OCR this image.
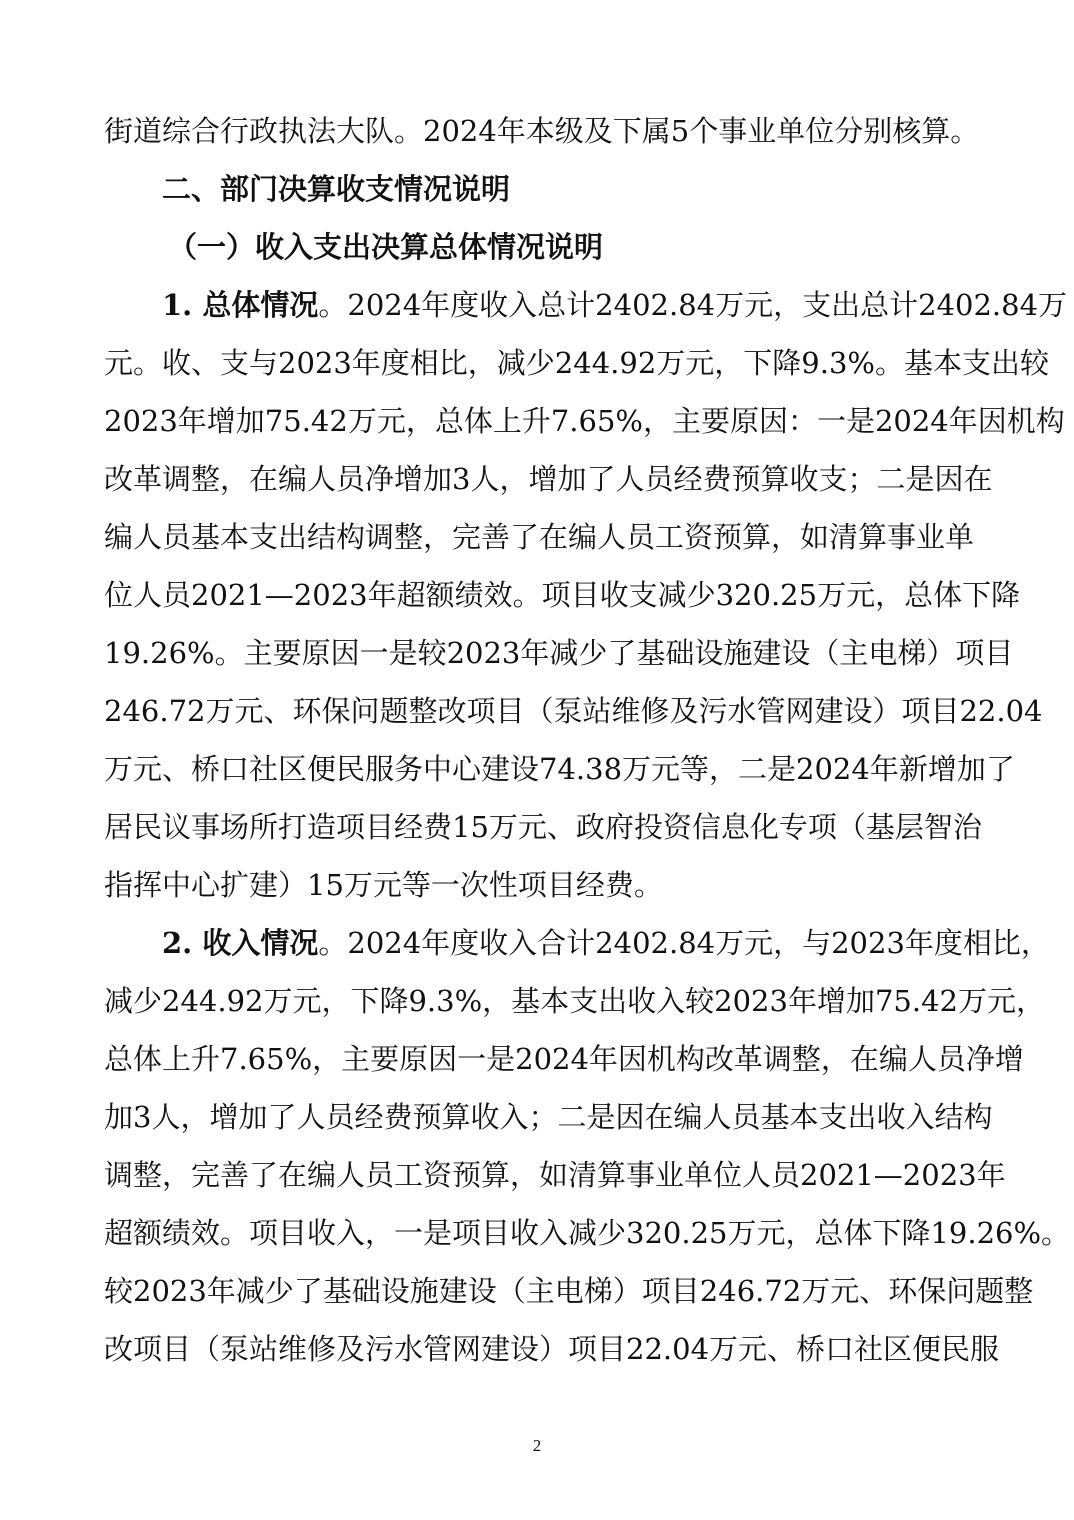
街道综合行政执法大队。2024年本级及下属5个事业单位分别核算。
二、部门决算收支情况说明
（一）收入支出决算总体情况说明
1. 总体情况。2024年度收入总计2402.84万元，支出总计2402.84万
元。收、支与2023年度相比，减少244.92万元，下降9.3%。基本支出较
2023年增加75.42万元，总体上升7.65%，主要原因：一是2024年因机构
改革调整，在编人员净增加3人，增加了人员经费预算收支；二是因在
编人员基本支出结构调整，完善了在编人员工资预算，如清算事业单
位人员2021—2023年超额绩效。项目收支减少320.25万元，总体下降
19.26%。主要原因一是较2023年减少了基础设施建设（主电梯）项目
246.72万元、环保问题整改项目（泵站维修及污水管网建设）项目22.04
万元、桥口社区便民服务中心建设74.38万元等，二是2024年新增加了
居民议事场所打造项目经费15万元、政府投资信息化专项（基层智治
指挥中心扩建）15万元等一次性项目经费。
2. 收入情况。2024年度收入合计2402.84万元，与2023年度相比，
减少244.92万元，下降9.3%，基本支出收入较2023年增加75.42万元，
总体上升7.65%，主要原因一是2024年因机构改革调整，在编人员净增
加3人，增加了人员经费预算收入；二是因在编人员基本支出收入结构
调整，完善了在编人员工资预算，如清算事业单位人员2021—2023年
超额绩效。项目收入，一是项目收入减少320.25万元，总体下降19.26%。
较2023年减少了基础设施建设（主电梯）项目246.72万元、环保问题整
改项目（泵站维修及污水管网建设）项目22.04万元、桥口社区便民服
2
